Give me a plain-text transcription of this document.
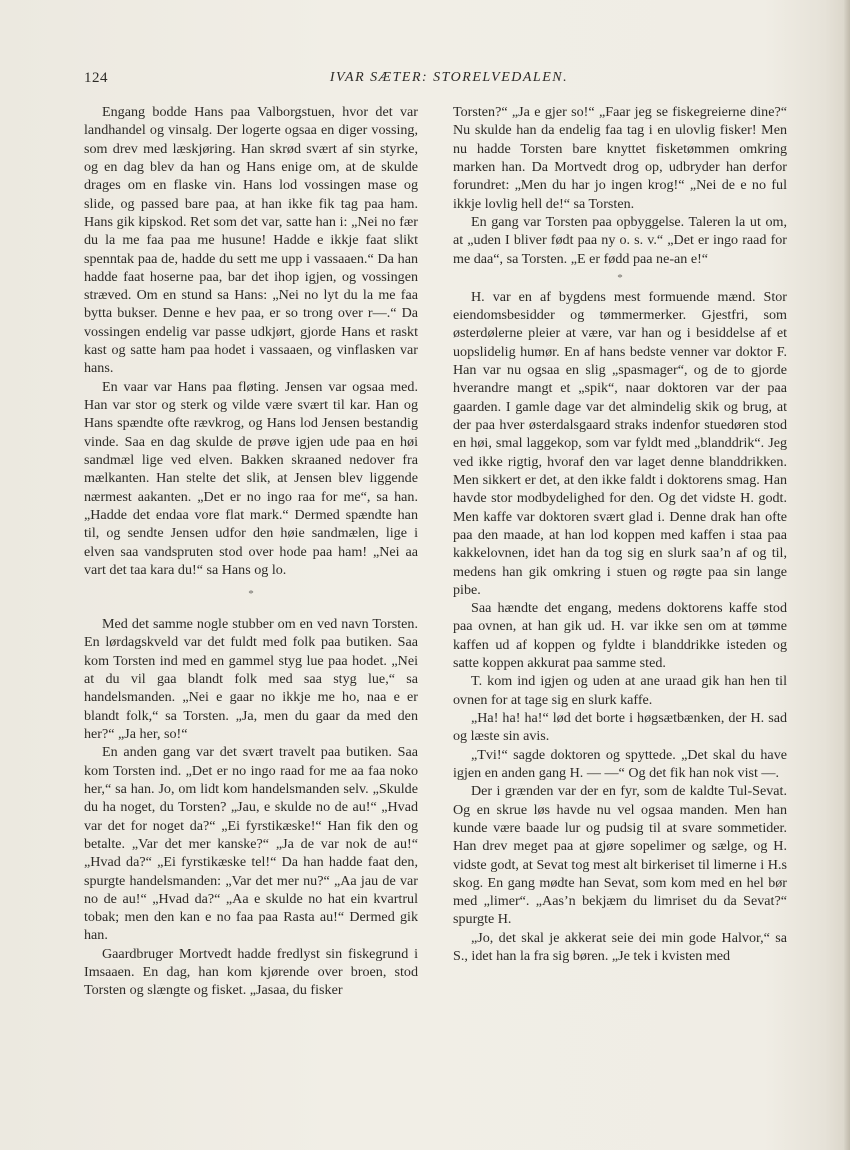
124	IVAR SÆTER: STORELVEDALEN.

Engang bodde Hans paa Valborgstuen, hvor det var landhandel og vinsalg. Der logerte ogsaa en diger vossing, som drev med læskjøring. Han skrød svært af sin styrke, og en dag blev da han og Hans enige om, at de skulde drages om en flaske vin. Hans lod vossingen mase og slide, og passed bare paa, at han ikke fik tag paa ham. Hans gik kipskod. Ret som det var, satte han i: „Nei no fær du la me faa paa me husune! Hadde e ikkje faat slikt spenntak paa de, hadde du sett me upp i vassaaen.“ Da han hadde faat hoserne paa, bar det ihop igjen, og vossingen stræved. Om en stund sa Hans: „Nei no lyt du la me faa bytta bukser. Denne e hev paa, er so trong over r—.“ Da vossingen endelig var passe udkjørt, gjorde Hans et raskt kast og satte ham paa hodet i vassaaen, og vinflasken var hans.

En vaar var Hans paa fløting. Jensen var ogsaa med. Han var stor og sterk og vilde være svært til kar. Han og Hans spændte ofte rævkrog, og Hans lod Jensen bestandig vinde. Saa en dag skulde de prøve igjen ude paa en høi sandmæl lige ved elven. Bakken skraaned nedover fra mælkanten. Han stelte det slik, at Jensen blev liggende nærmest aakanten. „Det er no ingo raa for me“, sa han. „Hadde det endaa vore flat mark.“ Dermed spændte han til, og sendte Jensen udfor den høie sandmælen, lige i elven saa vandspruten stod over hode paa ham! „Nei aa vart det taa kara du!“ sa Hans og lo.

*

Med det samme nogle stubber om en ved navn Torsten. En lørdagskveld var det fuldt med folk paa butiken. Saa kom Torsten ind med en gammel styg lue paa hodet. „Nei at du vil gaa blandt folk med saa styg lue,“ sa handelsmanden. „Nei e gaar no ikkje me ho, naa e er blandt folk,“ sa Torsten. „Ja, men du gaar da med den her?“ „Ja her, so!“

En anden gang var det svært travelt paa butiken. Saa kom Torsten ind. „Det er no ingo raad for me aa faa noko her,“ sa han. Jo, om lidt kom handelsmanden selv. „Skulde du ha noget, du Torsten? „Jau, e skulde no de au!“ „Hvad var det for noget da?“ „Ei fyrstikæske!“ Han fik den og betalte. „Var det mer kanske?“ „Ja de var nok de au!“ „Hvad da?“ „Ei fyrstikæske tel!“ Da han hadde faat den, spurgte handelsmanden: „Var det mer nu?“ „Aa jau de var no de au!“ „Hvad da?“ „Aa e skulde no hat ein kvartrul tobak; men den kan e no faa paa Rasta au!“ Dermed gik han.

Gaardbruger Mortvedt hadde fredlyst sin fiskegrund i Imsaaen. En dag, han kom kjørende over broen, stod Torsten og slængte og fisket. „Jasaa, du fisker

Torsten?“ „Ja e gjer so!“ „Faar jeg se fiskegreierne dine?“ Nu skulde han da endelig faa tag i en ulovlig fisker! Men nu hadde Torsten bare knyttet fisketømmen omkring marken han. Da Mortvedt drog op, udbryder han derfor forundret: „Men du har jo ingen krog!“ „Nei de e no ful ikkje lovlig hell de!“ sa Torsten.

En gang var Torsten paa opbyggelse. Taleren la ut om, at „uden I bliver født paa ny o. s. v.“ „Det er ingo raad for me daa“, sa Torsten. „E er fødd paa ne-an e!“

*

H. var en af bygdens mest formuende mænd. Stor eiendomsbesidder og tømmermerker. Gjestfri, som østerdølerne pleier at være, var han og i besiddelse af et uopslidelig humør. En af hans bedste venner var doktor F. Han var nu ogsaa en slig „spasmager“, og de to gjorde hverandre mangt et „spik“, naar doktoren var der paa gaarden. I gamle dage var det almindelig skik og brug, at der paa hver østerdalsgaard straks indenfor stuedøren stod en høi, smal laggekop, som var fyldt med „blanddrik“. Jeg ved ikke rigtig, hvoraf den var laget denne blanddrikken. Men sikkert er det, at den ikke faldt i doktorens smag. Han havde stor modbydelighed for den. Og det vidste H. godt. Men kaffe var doktoren svært glad i. Denne drak han ofte paa den maade, at han lod koppen med kaffen i staa paa kakkelovnen, idet han da tog sig en slurk saa’n af og til, medens han gik omkring i stuen og røgte paa sin lange pibe.

Saa hændte det engang, medens doktorens kaffe stod paa ovnen, at han gik ud. H. var ikke sen om at tømme kaffen ud af koppen og fyldte i blanddrikke isteden og satte koppen akkurat paa samme sted.

T. kom ind igjen og uden at ane uraad gik han hen til ovnen for at tage sig en slurk kaffe.

„Ha! ha! ha!“ lød det borte i høgsætbænken, der H. sad og læste sin avis.

„Tvi!“ sagde doktoren og spyttede. „Det skal du have igjen en anden gang H. — —“ Og det fik han nok vist —.

Der i grænden var der en fyr, som de kaldte Tul-Sevat. Og en skrue løs havde nu vel ogsaa manden. Men han kunde være baade lur og pudsig til at svare sommetider. Han drev meget paa at gjøre sopelimer og sælge, og H. vidste godt, at Sevat tog mest alt birkeriset til limerne i H.s skog. En gang mødte han Sevat, som kom med en hel bør med „limer“. „Aas’n bekjæm du limriset du da Sevat?“ spurgte H.

„Jo, det skal je akkerat seie dei min gode Halvor,“ sa S., idet han la fra sig børen. „Je tek i kvisten med
